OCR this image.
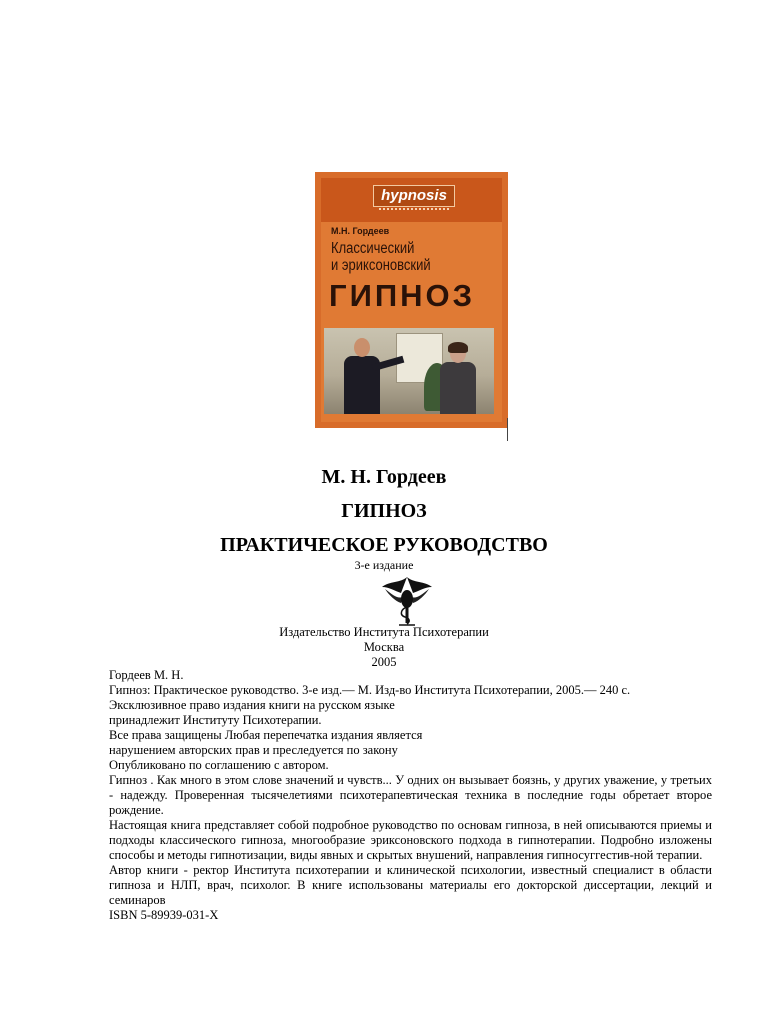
hypnosis
М.Н. Гордеев
Классический
и эриксоновский
ГИПНОЗ
М. Н. Гордеев
ГИПНОЗ
ПРАКТИЧЕСКОЕ РУКОВОДСТВО
3-е издание
Издательство Института Психотерапии
Москва
2005
Гордеев М. Н.
Гипноз: Практическое руководство. 3-е изд.— М. Изд-во Института Психотерапии, 2005.— 240 с.
Эксклюзивное право издания книги на русском языке
принадлежит Институту Психотерапии.
Все права защищены Любая перепечатка издания является
нарушением авторских прав и преследуется по закону
Опубликовано по соглашению с автором.
Гипноз . Как много в этом слове значений и чувств... У одних он вызывает боязнь, у других уважение, у третьих - надежду. Проверенная тысячелетиями психотерапевтическая техника в последние годы обретает второе рождение.
Настоящая книга представляет собой подробное руководство по основам гипноза, в ней описываются приемы и подходы классического гипноза, многообразие эриксоновского подхода в гипнотерапии. Подробно изложены способы и методы гипнотизации, виды явных и скрытых внушений, направления гипносуггестив-ной терапии.
Автор книги - ректор Института психотерапии и клинической психологии, известный специалист в области гипноза и НЛП, врач, психолог. В книге использованы материалы его докторской диссертации, лекций и семинаров
ISBN 5-89939-031-X
